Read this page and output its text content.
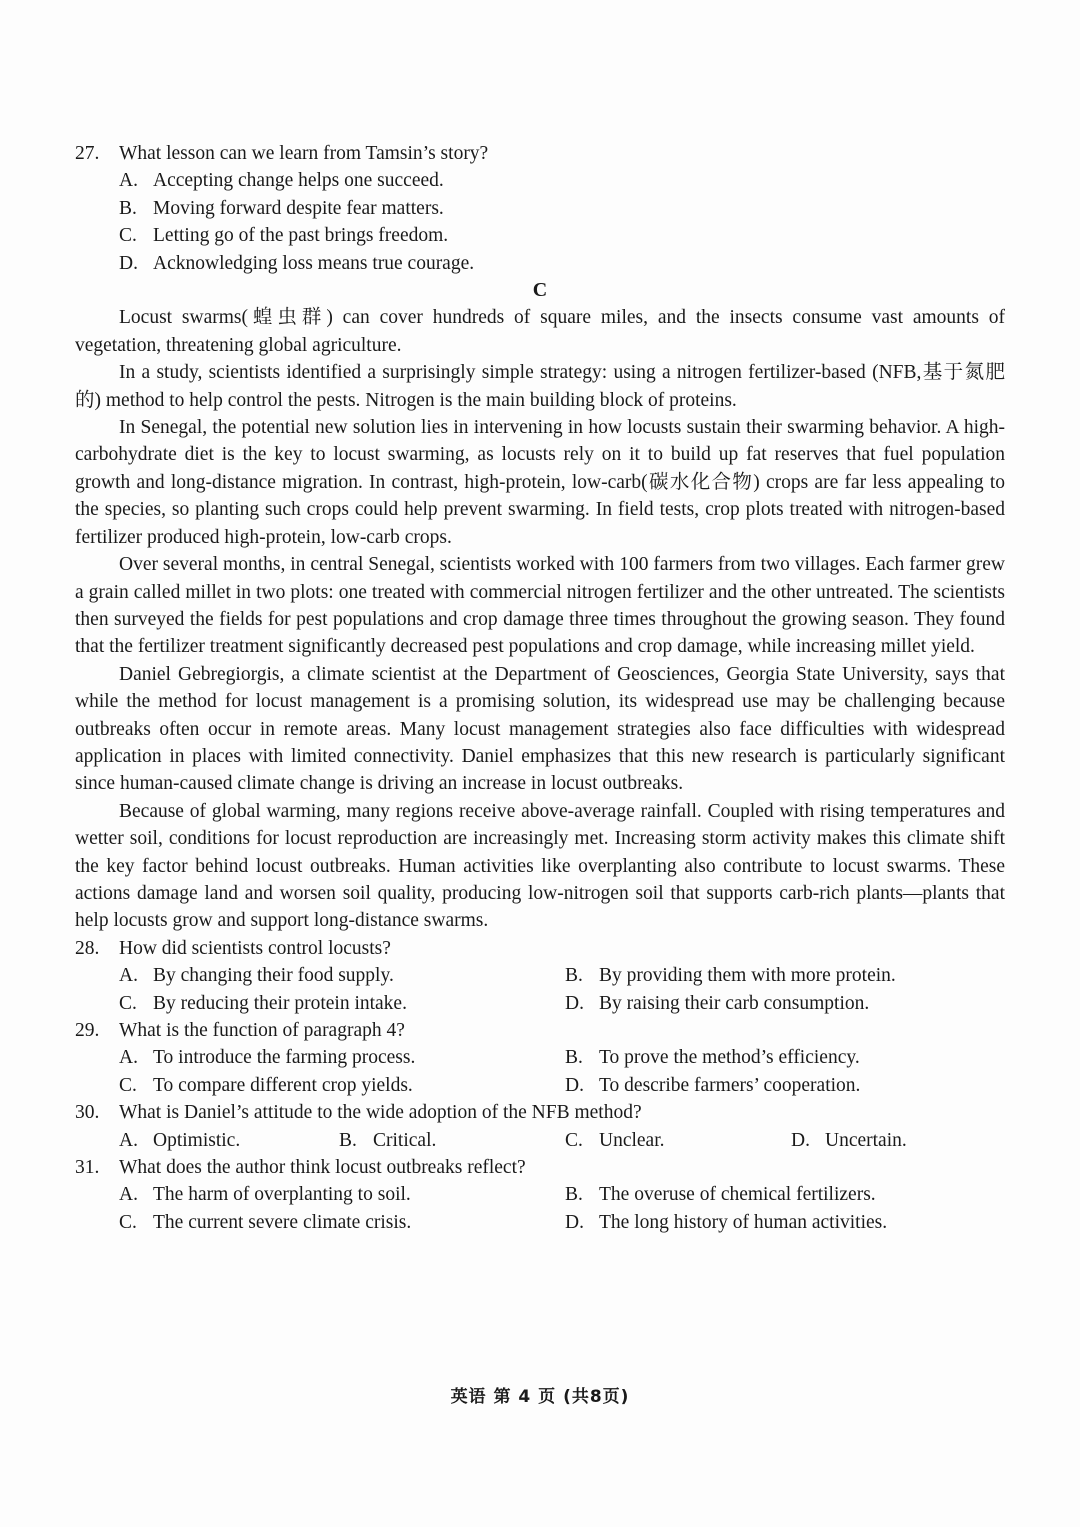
27.	What lesson can we learn from Tamsin’s story?
A. Accepting change helps one succeed.
B. Moving forward despite fear matters.
C. Letting go of the past brings freedom.
D. Acknowledging loss means true courage.
C

Locust swarms(蝗虫群) can cover hundreds of square miles, and the insects consume vast amounts of vegetation, threatening global agriculture.

In a study, scientists identified a surprisingly simple strategy: using a nitrogen fertilizer-based (NFB,基于氮肥的) method to help control the pests. Nitrogen is the main building block of proteins.

In Senegal, the potential new solution lies in intervening in how locusts sustain their swarming behavior. A high-carbohydrate diet is the key to locust swarming, as locusts rely on it to build up fat reserves that fuel population growth and long-distance migration. In contrast, high-protein, low-carb(碳水化合物) crops are far less appealing to the species, so planting such crops could help prevent swarming. In field tests, crop plots treated with nitrogen-based fertilizer produced high-protein, low-carb crops.

Over several months, in central Senegal, scientists worked with 100 farmers from two villages. Each farmer grew a grain called millet in two plots: one treated with commercial nitrogen fertilizer and the other untreated. The scientists then surveyed the fields for pest populations and crop damage three times throughout the growing season. They found that the fertilizer treatment significantly decreased pest populations and crop damage, while increasing millet yield.

Daniel Gebregiorgis, a climate scientist at the Department of Geosciences, Georgia State University, says that while the method for locust management is a promising solution, its widespread use may be challenging because outbreaks often occur in remote areas. Many locust management strategies also face difficulties with widespread application in places with limited connectivity. Daniel emphasizes that this new research is particularly significant since human-caused climate change is driving an increase in locust outbreaks.

Because of global warming, many regions receive above-average rainfall. Coupled with rising temperatures and wetter soil, conditions for locust reproduction are increasingly met. Increasing storm activity makes this climate shift the key factor behind locust outbreaks. Human activities like overplanting also contribute to locust swarms. These actions damage land and worsen soil quality, producing low-nitrogen soil that supports carb-rich plants—plants that help locusts grow and support long-distance swarms.

28.	How did scientists control locusts?
A. By changing their food supply.	B. By providing them with more protein.
C. By reducing their protein intake.	D. By raising their carb consumption.
29.	What is the function of paragraph 4?
A. To introduce the farming process.	B. To prove the method’s efficiency.
C. To compare different crop yields.	D. To describe farmers’ cooperation.
30.	What is Daniel’s attitude to the wide adoption of the NFB method?
A. Optimistic.	B. Critical.	C. Unclear.	D. Uncertain.
31.	What does the author think locust outbreaks reflect?
A. The harm of overplanting to soil.	B. The overuse of chemical fertilizers.
C. The current severe climate crisis.	D. The long history of human activities.
英语 第 4 页 (共8页)
